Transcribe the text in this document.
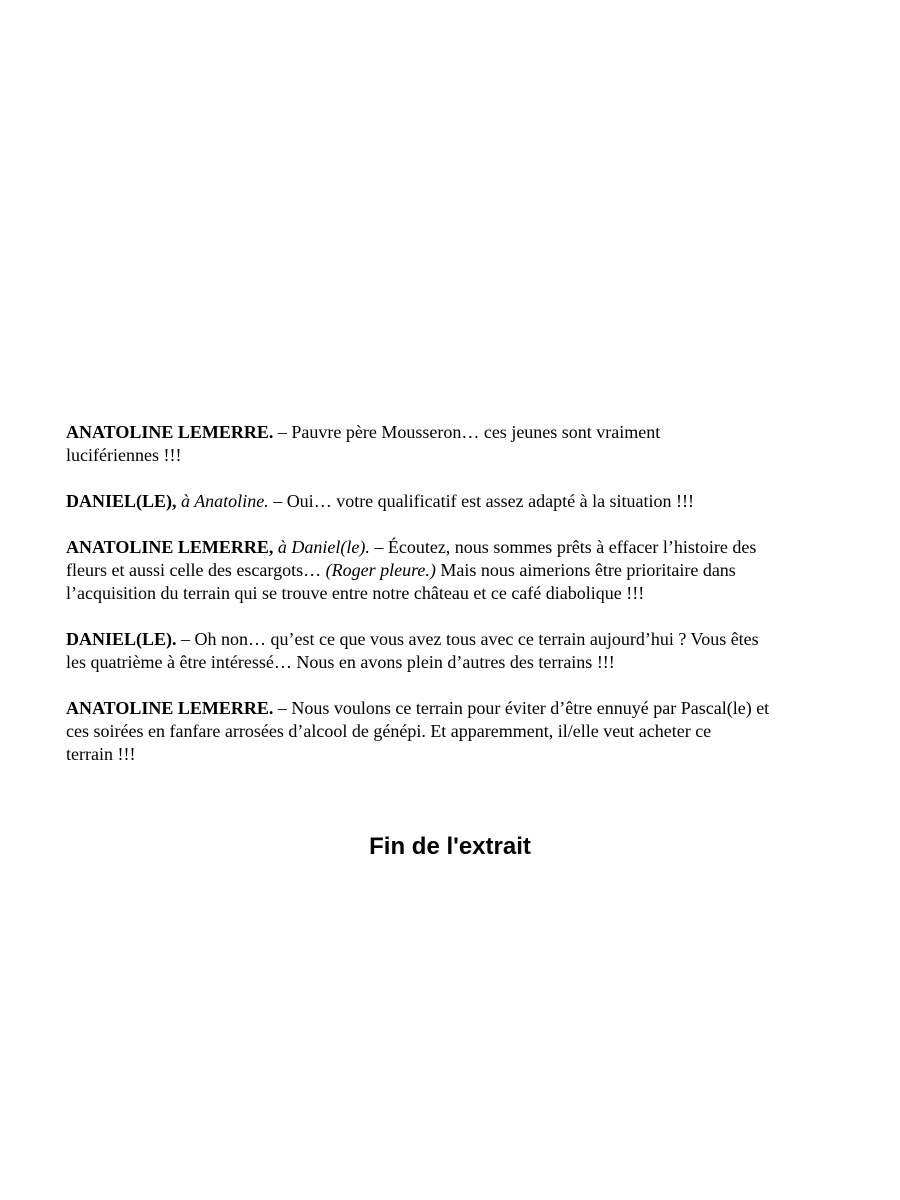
ANATOLINE LEMERRE. – Pauvre père Mousseron… ces jeunes sont vraiment
lucifériennes !!!
DANIEL(LE), à Anatoline. – Oui… votre qualificatif est assez adapté à la situation !!!
ANATOLINE LEMERRE, à Daniel(le). – Écoutez, nous sommes prêts à effacer l’histoire des
fleurs et aussi celle des escargots… (Roger pleure.) Mais nous aimerions être prioritaire dans
l’acquisition du terrain qui se trouve entre notre château et ce café diabolique !!!
DANIEL(LE). – Oh non… qu’est ce que vous avez tous avec ce terrain aujourd’hui ? Vous êtes
les quatrième à être intéressé… Nous en avons plein d’autres des terrains !!!
ANATOLINE LEMERRE. – Nous voulons ce terrain pour éviter d’être ennuyé par Pascal(le) et
ces soirées en fanfare arrosées d’alcool de génépi. Et apparemment, il/elle veut acheter ce
terrain !!!
Fin de l'extrait
